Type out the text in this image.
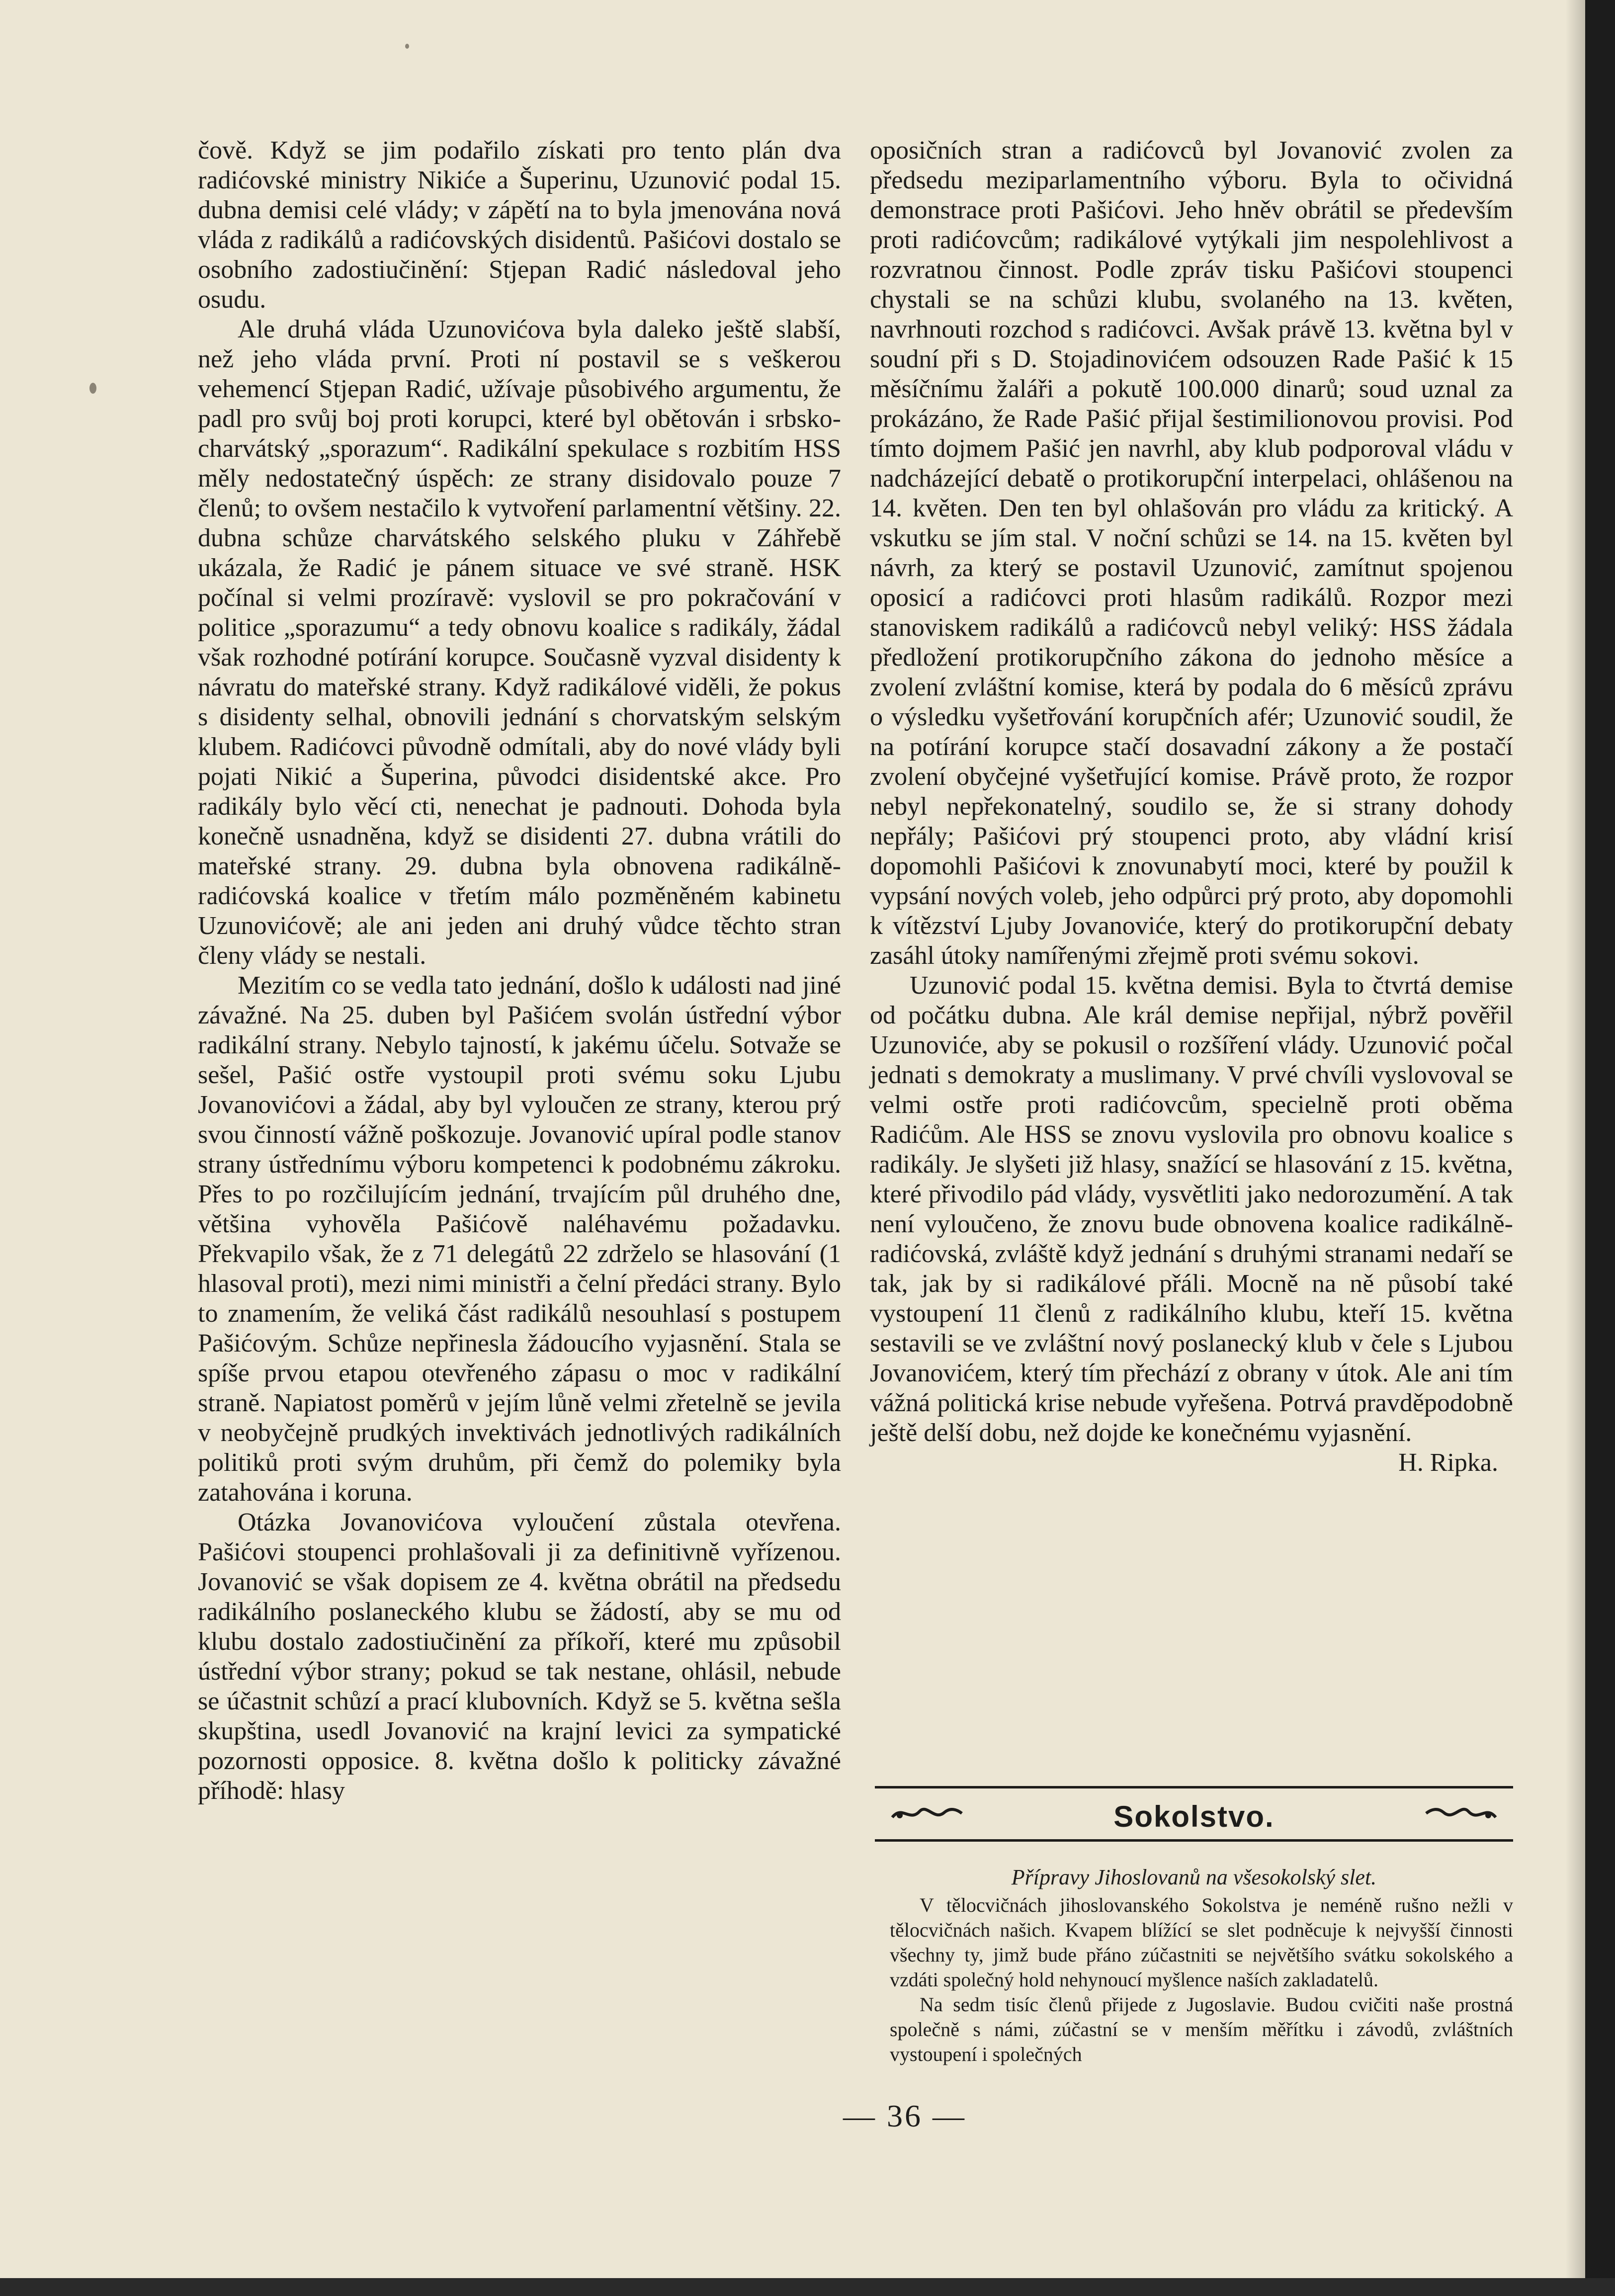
čově. Když se jim podařilo získati pro tento plán dva radićovské ministry Nikiće a Šuperinu, Uzunović podal 15. dubna demisi celé vlády; v zápětí na to byla jmenována nová vláda z radikálů a radićovských disidentů. Pašićovi dostalo se osobního zadostiučinění: Stjepan Radić následoval jeho osudu.

Ale druhá vláda Uzunovićova byla daleko ještě slabší, než jeho vláda první. Proti ní postavil se s veškerou vehemencí Stjepan Radić, užívaje působivého argumentu, že padl pro svůj boj proti korupci, které byl obětován i srbsko-charvátský „sporazum“. Radikální spekulace s rozbitím HSS měly nedostatečný úspěch: ze strany disidovalo pouze 7 členů; to ovšem nestačilo k vytvoření parlamentní většiny. 22. dubna schůze charvátského selského pluku v Záhřebě ukázala, že Radić je pánem situace ve své straně. HSK počínal si velmi prozíravě: vyslovil se pro pokračování v politice „sporazumu“ a tedy obnovu koalice s radikály, žádal však rozhodné potírání korupce. Současně vyzval disidenty k návratu do mateřské strany. Když radikálové viděli, že pokus s disidenty selhal, obnovili jednání s chorvatským selským klubem. Radićovci původně odmítali, aby do nové vlády byli pojati Nikić a Šuperina, původci disidentské akce. Pro radikály bylo věcí cti, nenechat je padnouti. Dohoda byla konečně usnadněna, když se disidenti 27. dubna vrátili do mateřské strany. 29. dubna byla obnovena radikálně-radićovská koalice v třetím málo pozměněném kabinetu Uzunovićově; ale ani jeden ani druhý vůdce těchto stran členy vlády se nestali.

Mezitím co se vedla tato jednání, došlo k události nad jiné závažné. Na 25. duben byl Pašićem svolán ústřední výbor radikální strany. Nebylo tajností, k jakému účelu. Sotvaže se sešel, Pašić ostře vystoupil proti svému soku Ljubu Jovanovićovi a žádal, aby byl vyloučen ze strany, kterou prý svou činností vážně poškozuje. Jovanović upíral podle stanov strany ústřednímu výboru kompetenci k podobnému zákroku. Přes to po rozčilujícím jednání, trvajícím půl druhého dne, většina vyhověla Pašićově naléhavému požadavku. Překvapilo však, že z 71 delegátů 22 zdrželo se hlasování (1 hlasoval proti), mezi nimi ministři a čelní předáci strany. Bylo to znamením, že veliká část radikálů nesouhlasí s postupem Pašićovým. Schůze nepřinesla žádoucího vyjasnění. Stala se spíše prvou etapou otevřeného zápasu o moc v radikální straně. Napiatost poměrů v jejím lůně velmi zřetelně se jevila v neobyčejně prudkých invektivách jednotlivých radikálních politiků proti svým druhům, při čemž do polemiky byla zatahována i koruna.

Otázka Jovanovićova vyloučení zůstala otevřena. Pašićovi stoupenci prohlašovali ji za definitivně vyřízenou. Jovanović se však dopisem ze 4. května obrátil na předsedu radikálního poslaneckého klubu se žádostí, aby se mu od klubu dostalo zadostiučinění za příkoří, které mu způsobil ústřední výbor strany; pokud se tak nestane, ohlásil, nebude se účastnit schůzí a prací klubovních. Když se 5. května sešla skupština, usedl Jovanović na krajní levici za sympatické pozornosti opposice. 8. května došlo k politicky závažné příhodě: hlasy

oposičních stran a radićovců byl Jovanović zvolen za předsedu meziparlamentního výboru. Byla to očividná demonstrace proti Pašićovi. Jeho hněv obrátil se především proti radićovcům; radikálové vytýkali jim nespolehlivost a rozvratnou činnost. Podle zpráv tisku Pašićovi stoupenci chystali se na schůzi klubu, svolaného na 13. květen, navrhnouti rozchod s radićovci. Avšak právě 13. května byl v soudní při s D. Stojadinovićem odsouzen Rade Pašić k 15 měsíčnímu žaláři a pokutě 100.000 dinarů; soud uznal za prokázáno, že Rade Pašić přijal šestimilionovou provisi. Pod tímto dojmem Pašić jen navrhl, aby klub podporoval vládu v nadcházející debatě o protikorupční interpelaci, ohlášenou na 14. květen. Den ten byl ohlašován pro vládu za kritický. A vskutku se jím stal. V noční schůzi se 14. na 15. květen byl návrh, za který se postavil Uzunović, zamítnut spojenou oposicí a radićovci proti hlasům radikálů. Rozpor mezi stanoviskem radikálů a radićovců nebyl veliký: HSS žádala předložení protikorupčního zákona do jednoho měsíce a zvolení zvláštní komise, která by podala do 6 měsíců zprávu o výsledku vyšetřování korupčních afér; Uzunović soudil, že na potírání korupce stačí dosavadní zákony a že postačí zvolení obyčejné vyšetřující komise. Právě proto, že rozpor nebyl nepřekonatelný, soudilo se, že si strany dohody nepřály; Pašićovi prý stoupenci proto, aby vládní krisí dopomohli Pašićovi k znovunabytí moci, které by použil k vypsání nových voleb, jeho odpůrci prý proto, aby dopomohli k vítězství Ljuby Jovanoviće, který do protikorupční debaty zasáhl útoky namířenými zřejmě proti svému sokovi.

Uzunović podal 15. května demisi. Byla to čtvrtá demise od počátku dubna. Ale král demise nepřijal, nýbrž pověřil Uzunoviće, aby se pokusil o rozšíření vlády. Uzunović počal jednati s demokraty a muslimany. V prvé chvíli vyslovoval se velmi ostře proti radićovcům, specielně proti oběma Radićům. Ale HSS se znovu vyslovila pro obnovu koalice s radikály. Je slyšeti již hlasy, snažící se hlasování z 15. května, které přivodilo pád vlády, vysvětliti jako nedorozumění. A tak není vyloučeno, že znovu bude obnovena koalice radikálně-radićovská, zvláště když jednání s druhými stranami nedaří se tak, jak by si radikálové přáli. Mocně na ně působí také vystoupení 11 členů z radikálního klubu, kteří 15. května sestavili se ve zvláštní nový poslanecký klub v čele s Ljubou Jovanovićem, který tím přechází z obrany v útok. Ale ani tím vážná politická krise nebude vyřešena. Potrvá pravděpodobně ještě delší dobu, než dojde ke konečnému vyjasnění.

H. Ripka.

Sokolstvo.
Přípravy Jihoslovanů na všesokolský slet.

V tělocvičnách jihoslovanského Sokolstva je neméně rušno nežli v tělocvičnách našich. Kvapem blížící se slet podněcuje k nejvyšší činnosti všechny ty, jimž bude přáno zúčastniti se největšího svátku sokolského a vzdáti společný hold nehynoucí myšlence naších zakladatelů.

Na sedm tisíc členů přijede z Jugoslavie. Budou cvičiti naše prostná společně s námi, zúčastní se v menším měřítku i závodů, zvláštních vystoupení i společných

— 36 —
